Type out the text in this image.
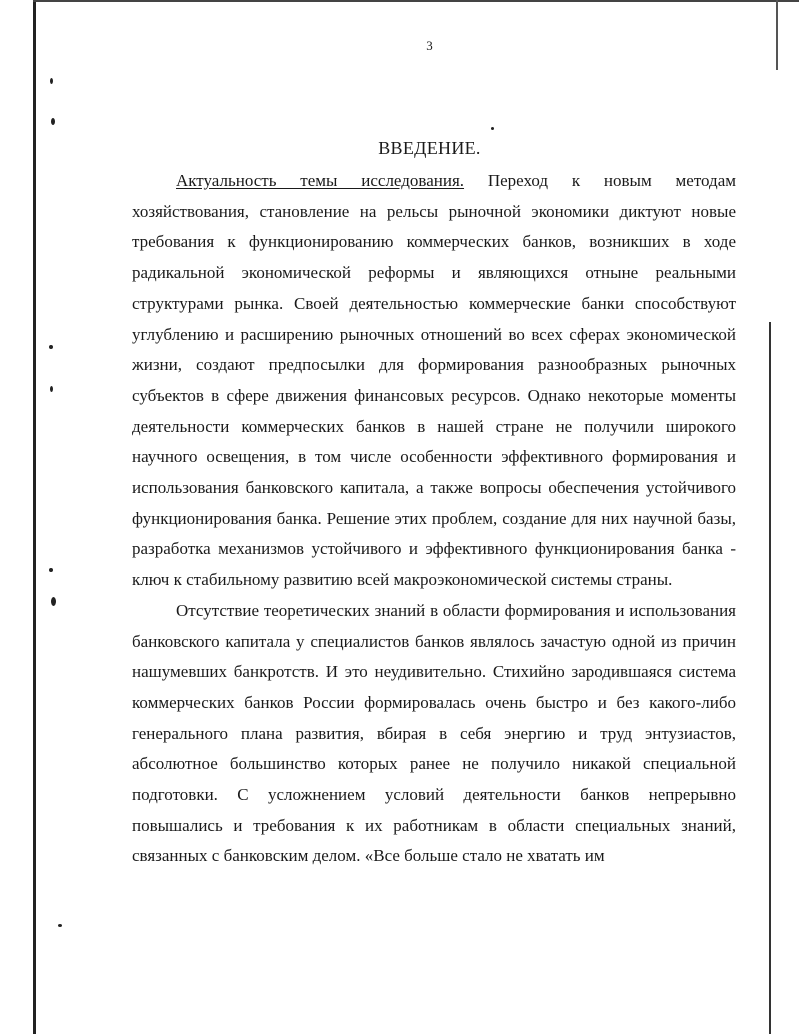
3
ВВЕДЕНИЕ.

Актуальность темы исследования. Переход к новым методам хозяйствования, становление на рельсы рыночной экономики диктуют новые требования к функционированию коммерческих банков, возникших в ходе радикальной экономической реформы и являющихся отныне реальными структурами рынка. Своей деятельностью коммерческие банки способствуют углублению и расширению рыночных отношений во всех сферах экономической жизни, создают предпосылки для формирования разнообразных рыночных субъектов в сфере движения финансовых ресурсов. Однако некоторые моменты деятельности коммерческих банков в нашей стране не получили широкого научного освещения, в том числе особенности эффективного формирования и использования банковского капитала, а также вопросы обеспечения устойчивого функционирования банка. Решение этих проблем, создание для них научной базы, разработка механизмов устойчивого и эффективного функционирования банка - ключ к стабильному развитию всей макроэкономической системы страны.

Отсутствие теоретических знаний в области формирования и использования банковского капитала у специалистов банков являлось зачастую одной из причин нашумевших банкротств. И это неудивительно. Стихийно зародившаяся система коммерческих банков России формировалась очень быстро и без какого-либо генерального плана развития, вбирая в себя энергию и труд энтузиастов, абсолютное большинство которых ранее не получило никакой специальной подготовки. С усложнением условий деятельности банков непрерывно повышались и требования к их работникам в области специальных знаний, связанных с банковским делом. «Все больше стало не хватать им
